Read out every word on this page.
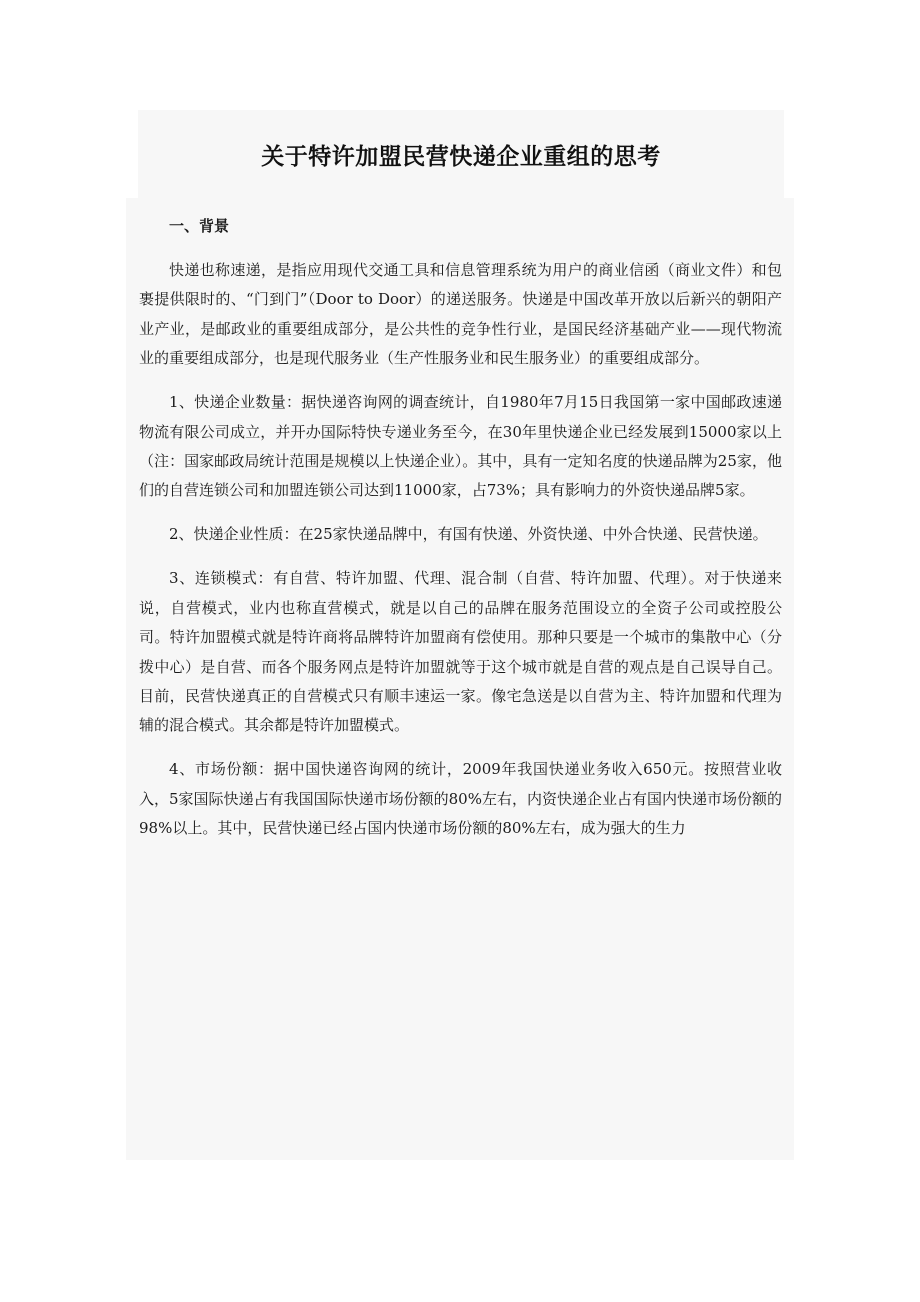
关于特许加盟民营快递企业重组的思考
一、背景

快递也称速递，是指应用现代交通工具和信息管理系统为用户的商业信函（商业文件）和包裹提供限时的、“门到门”（Door to Door）的递送服务。快递是中国改革开放以后新兴的朝阳产业产业，是邮政业的重要组成部分，是公共性的竞争性行业，是国民经济基础产业——现代物流业的重要组成部分，也是现代服务业（生产性服务业和民生服务业）的重要组成部分。

1、快递企业数量：据快递咨询网的调查统计，自1980年7月15日我国第一家中国邮政速递物流有限公司成立，并开办国际特快专递业务至今，在30年里快递企业已经发展到15000家以上（注：国家邮政局统计范围是规模以上快递企业）。其中，具有一定知名度的快递品牌为25家，他们的自营连锁公司和加盟连锁公司达到11000家，占73%；具有影响力的外资快递品牌5家。

2、快递企业性质：在25家快递品牌中，有国有快递、外资快递、中外合快递、民营快递。

3、连锁模式：有自营、特许加盟、代理、混合制（自营、特许加盟、代理）。对于快递来说，自营模式，业内也称直营模式，就是以自己的品牌在服务范围设立的全资子公司或控股公司。特许加盟模式就是特许商将品牌特许加盟商有偿使用。那种只要是一个城市的集散中心（分拨中心）是自营、而各个服务网点是特许加盟就等于这个城市就是自营的观点是自己误导自己。目前，民营快递真正的自营模式只有顺丰速运一家。像宅急送是以自营为主、特许加盟和代理为辅的混合模式。其余都是特许加盟模式。

4、市场份额：据中国快递咨询网的统计，2009年我国快递业务收入650元。按照营业收入，5家国际快递占有我国国际快递市场份额的80%左右，内资快递企业占有国内快递市场份额的98%以上。其中，民营快递已经占国内快递市场份额的80%左右，成为强大的生力
